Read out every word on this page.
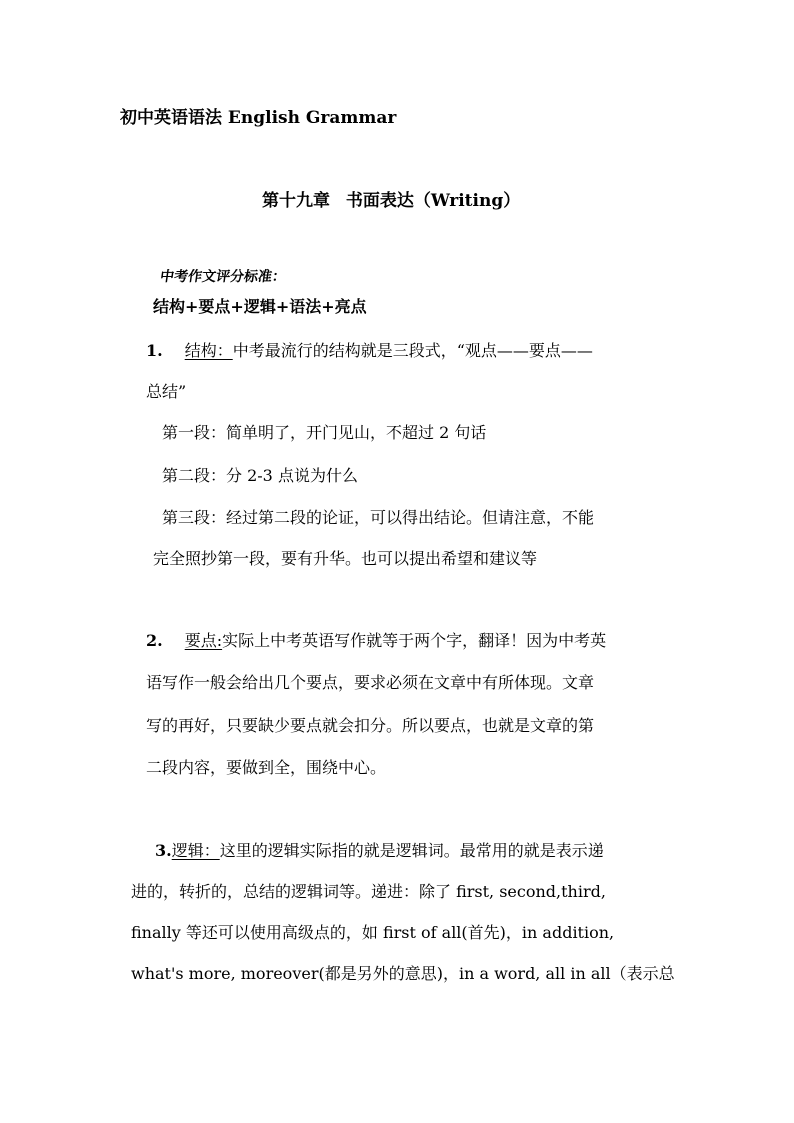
初中英语语法 English Grammar
第十九章 书面表达（Writing）
中考作文评分标准：
结构+要点+逻辑+语法+亮点
1. 结构：中考最流行的结构就是三段式，“观点——要点——
总结”
第一段：简单明了，开门见山，不超过 2 句话
第二段：分 2-3 点说为什么
第三段：经过第二段的论证，可以得出结论。但请注意，不能
完全照抄第一段，要有升华。也可以提出希望和建议等
2. 要点:实际上中考英语写作就等于两个字，翻译！因为中考英
语写作一般会给出几个要点，要求必须在文章中有所体现。文章
写的再好，只要缺少要点就会扣分。所以要点，也就是文章的第
二段内容，要做到全，围绕中心。
3.逻辑：这里的逻辑实际指的就是逻辑词。最常用的就是表示递
进的，转折的，总结的逻辑词等。递进：除了 first, second,third,
finally 等还可以使用高级点的，如 first of all(首先)，in addition,
what's more, moreover(都是另外的意思)，in a word, all in all（表示总
